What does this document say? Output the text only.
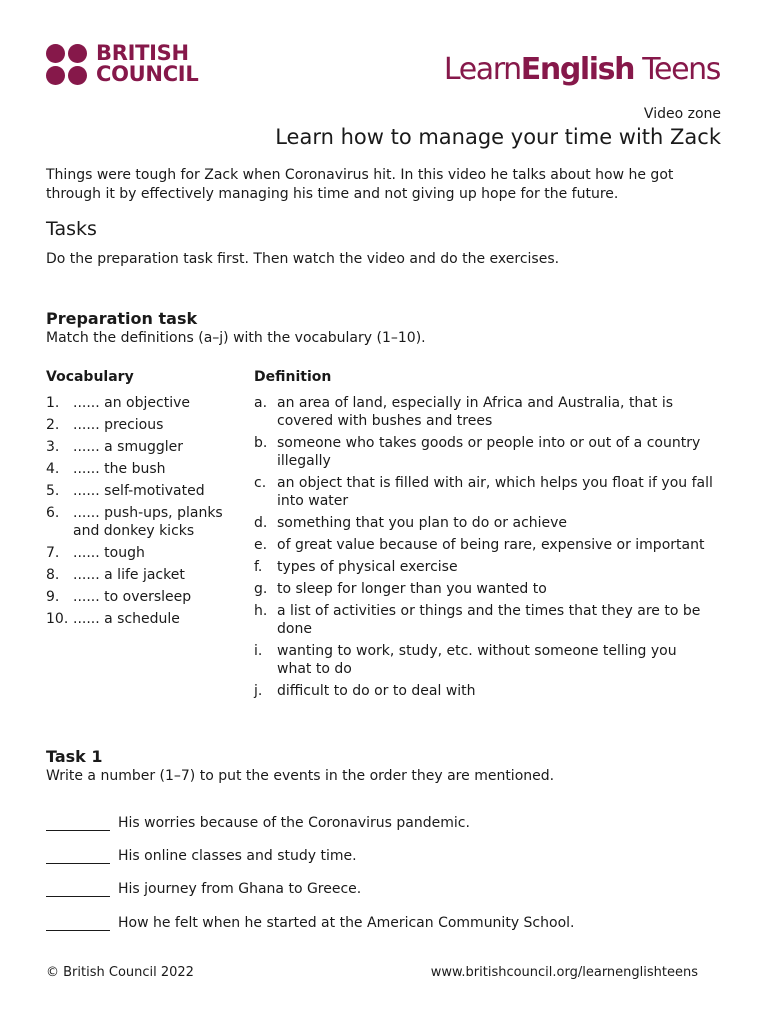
BRITISH
COUNCIL	LearnEnglish Teens
Video zone
Learn how to manage your time with Zack
Things were tough for Zack when Coronavirus hit. In this video he talks about how he got through it by effectively managing his time and not giving up hope for the future.
Tasks
Do the preparation task first. Then watch the video and do the exercises.
Preparation task
Match the definitions (a–j) with the vocabulary (1–10).
Vocabulary	Definition
1. ...... an objective
2. ...... precious
3. ...... a smuggler
4. ...... the bush
5. ...... self-motivated
6. ...... push-ups, planks and donkey kicks
7. ...... tough
8. ...... a life jacket
9. ...... to oversleep
10. ...... a schedule
a. an area of land, especially in Africa and Australia, that is covered with bushes and trees
b. someone who takes goods or people into or out of a country illegally
c. an object that is filled with air, which helps you float if you fall into water
d. something that you plan to do or achieve
e. of great value because of being rare, expensive or important
f.	types of physical exercise
g. to sleep for longer than you wanted to
h. a list of activities or things and the times that they are to be done
i.	wanting to work, study, etc. without someone telling you what to do
j.	difficult to do or to deal with
Task 1
Write a number (1–7) to put the events in the order they are mentioned.
His worries because of the Coronavirus pandemic.
His online classes and study time.
His journey from Ghana to Greece.
How he felt when he started at the American Community School.
© British Council 2022	www.britishcouncil.org/learnenglishteens
